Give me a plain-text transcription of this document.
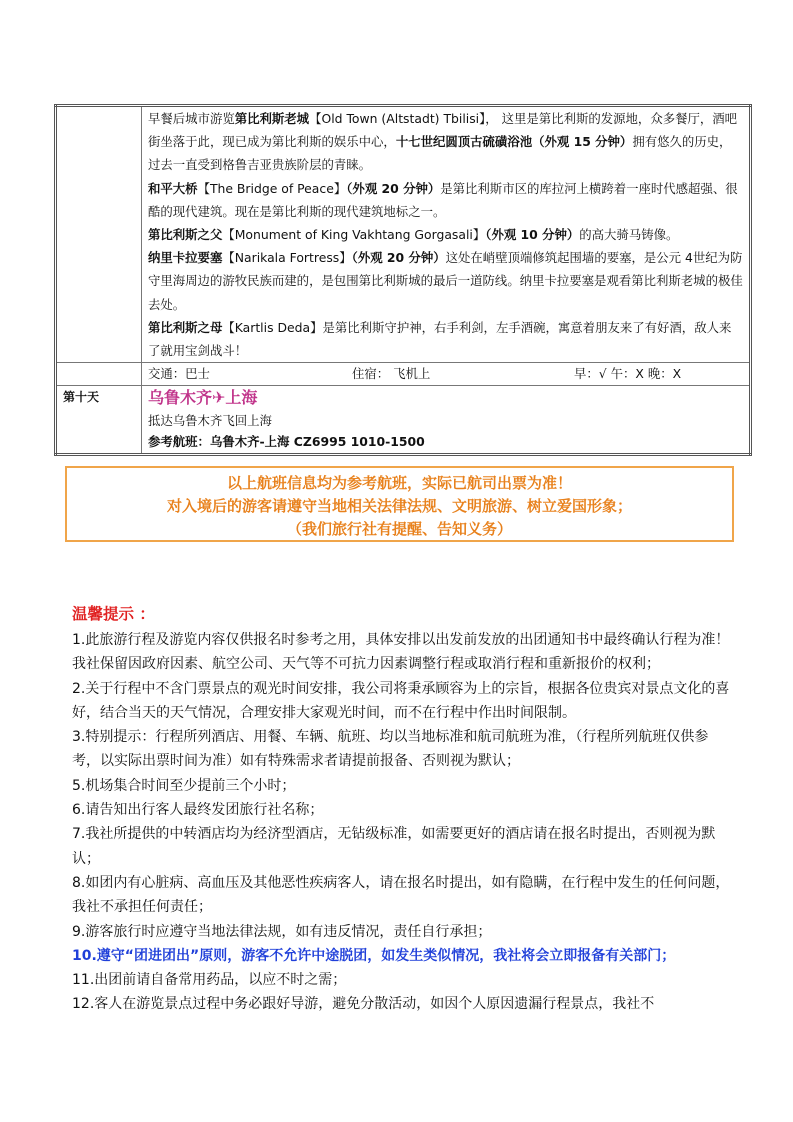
	早餐后城市游览第比利斯老城【Old Town (Altstadt) Tbilisi】， 这里是第比利斯的发源地，众多餐厅，酒吧街坐落于此，现已成为第比利斯的娱乐中心，十七世纪圆顶古硫磺浴池（外观 15 分钟）拥有悠久的历史，过去一直受到格鲁吉亚贵族阶层的青睐。

和平大桥【The Bridge of Peace】（外观 20 分钟）是第比利斯市区的库拉河上横跨着一座时代感超强、很酷的现代建筑。现在是第比利斯的现代建筑地标之一。

第比利斯之父【Monument of King Vakhtang Gorgasali】（外观 10 分钟）的高大骑马铸像。

纳里卡拉要塞【Narikala Fortress】（外观 20 分钟）这处在峭壁顶端修筑起围墙的要塞，是公元 4世纪为防守里海周边的游牧民族而建的，是包围第比利斯城的最后一道防线。纳里卡拉要塞是观看第比利斯老城的极佳去处。

第比利斯之母【Kartlis Deda】是第比利斯守护神，右手利剑，左手酒碗，寓意着朋友来了有好酒，敌人来了就用宝剑战斗！

	交通：巴士 住宿： 飞机上 早：√ 午：X 晚：X

第十天	乌鲁木齐✈上海
抵达乌鲁木齐飞回上海
参考航班：乌鲁木齐-上海 CZ6995 1010-1500
以上航班信息均为参考航班，实际已航司出票为准！
对入境后的游客请遵守当地相关法律法规、文明旅游、树立爱国形象；
（我们旅行社有提醒、告知义务）
温馨提示 ：

1.此旅游行程及游览内容仅供报名时参考之用，具体安排以出发前发放的出团通知书中最终确认行程为准！我社保留因政府因素、航空公司、天气等不可抗力因素调整行程或取消行程和重新报价的权利；

2.关于行程中不含门票景点的观光时间安排，我公司将秉承顾容为上的宗旨，根据各位贵宾对景点文化的喜好，结合当天的天气情况，合理安排大家观光时间，而不在行程中作出时间限制。

3.特别提示：行程所列酒店、用餐、车辆、航班、均以当地标准和航司航班为准，（行程所列航班仅供参考，以实际出票时间为准）如有特殊需求者请提前报备、否则视为默认；

5.机场集合时间至少提前三个小时；

6.请告知出行客人最终发团旅行社名称；

7.我社所提供的中转酒店均为经济型酒店，无钻级标准，如需要更好的酒店请在报名时提出，否则视为默认；

8.如团内有心脏病、高血压及其他恶性疾病客人，请在报名时提出，如有隐瞒，在行程中发生的任何问题，我社不承担任何责任；

9.游客旅行时应遵守当地法律法规，如有违反情况，责任自行承担；

10.遵守“团进团出”原则，游客不允许中途脱团，如发生类似情况，我社将会立即报备有关部门；

11.出团前请自备常用药品，以应不时之需；

12.客人在游览景点过程中务必跟好导游，避免分散活动，如因个人原因遗漏行程景点，我社不
